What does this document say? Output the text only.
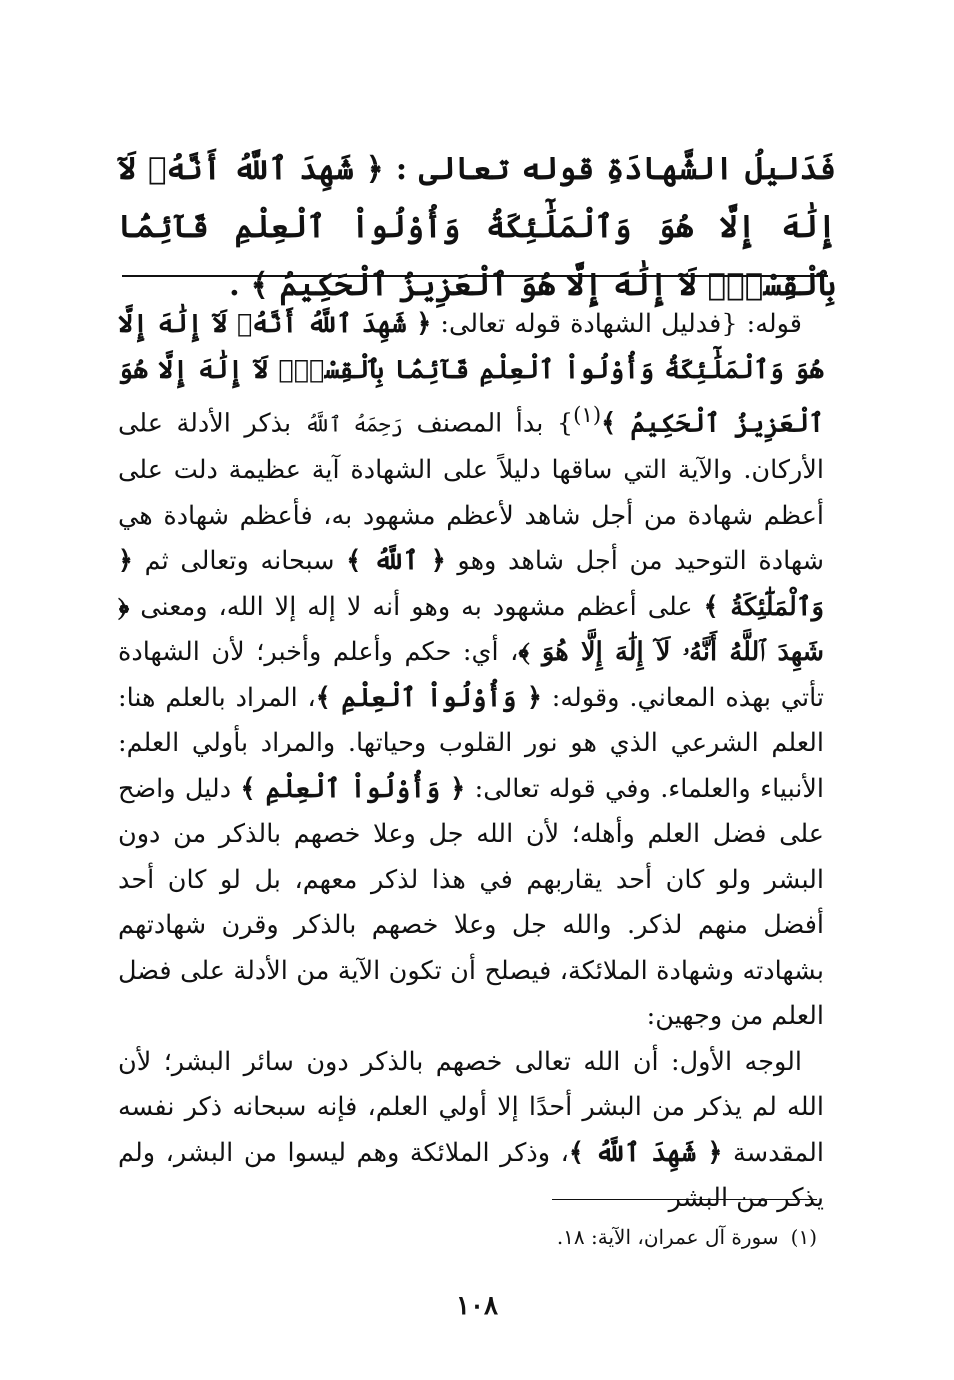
فَدَليلُ الشَّهادَةِ قوله تعالى : ﴿ شَهِدَ ٱللَّهُ أَنَّهُۥ لَآ إِلَٰهَ إِلَّا هُوَ وَٱلْمَلَٰٓئِكَةُ وَأُوْلُواْ ٱلْعِلْمِ قَآئِمَۢا بِٱلْقِسْطِۚ لَآ إِلَٰهَ إِلَّا هُوَ ٱلْعَزِيزُ ٱلْحَكِيمُ ﴾ .

قوله: {فدليل الشهادة قوله تعالى: ﴿ شَهِدَ ٱللَّهُ أَنَّهُۥ لَآ إِلَٰهَ إِلَّا هُوَ وَٱلْمَلَٰٓئِكَةُ وَأُوْلُواْ ٱلْعِلْمِ قَآئِمَۢا بِٱلْقِسْطِۚ لَآ إِلَٰهَ إِلَّا هُوَ ٱلْعَزِيزُ ٱلْحَكِيمُ ﴾$^{(١)}$} بدأ المصنف رَحِمَهُ ٱللَّهُ بذكر الأدلة على الأركان. والآية التي ساقها دليلاً على الشهادة آية عظيمة دلت على أعظم شهادة من أجل شاهد لأعظم مشهود به، فأعظم شهادة هي شهادة التوحيد من أجل شاهد وهو ﴿ ٱللَّهُ ﴾ سبحانه وتعالى ثم ﴿ وَٱلْمَلَٰٓئِكَةُ ﴾ على أعظم مشهود به وهو أنه لا إله إلا الله، ومعنى ﴿ شَهِدَ ٱللَّهُ أَنَّهُۥ لَآ إِلَٰهَ إِلَّا هُوَ ﴾، أي: حكم وأعلم وأخبر؛ لأن الشهادة تأتي بهذه المعاني. وقوله: ﴿ وَأُوْلُواْ ٱلْعِلْمِ ﴾، المراد بالعلم هنا: العلم الشرعي الذي هو نور القلوب وحياتها. والمراد بأولي العلم: الأنبياء والعلماء. وفي قوله تعالى: ﴿ وَأُوْلُواْ ٱلْعِلْمِ ﴾ دليل واضح على فضل العلم وأهله؛ لأن الله جل وعلا خصهم بالذكر من دون البشر ولو كان أحد يقاربهم في هذا لذكر معهم، بل لو كان أحد أفضل منهم لذكر. والله جل وعلا خصهم بالذكر وقرن شهادتهم بشهادته وشهادة الملائكة، فيصلح أن تكون الآية من الأدلة على فضل العلم من وجهين:

الوجه الأول: أن الله تعالى خصهم بالذكر دون سائر البشر؛ لأن الله لم يذكر من البشر أحدًا إلا أولي العلم، فإنه سبحانه ذكر نفسه المقدسة ﴿ شَهِدَ ٱللَّهُ ﴾، وذكر الملائكة وهم ليسوا من البشر، ولم يذكر من البشر

(١)سورة آل عمران، الآية: ١٨.
١٠٨
